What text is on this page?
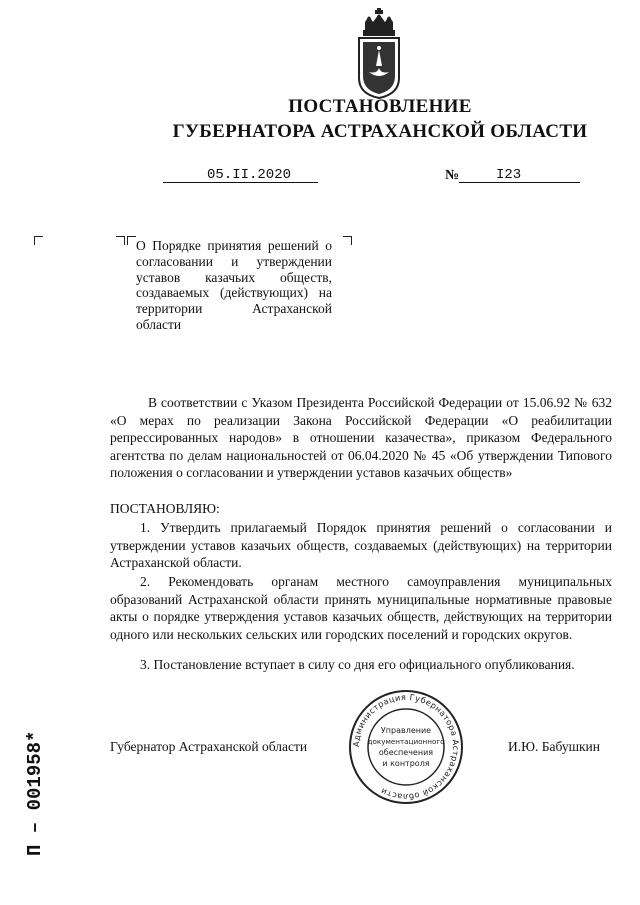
ПОСТАНОВЛЕНИЕ
ГУБЕРНАТОРА АСТРАХАНСКОЙ ОБЛАСТИ
05.II.2020	№	I23
О Порядке принятия решений о согласовании и утверждении уставов казачьих обществ, создаваемых (действующих) на территории Астраханской области
В соответствии с Указом Президента Российской Федерации от 15.06.92 № 632 «О мерах по реализации Закона Российской Федерации «О реабилитации репрессированных народов» в отношении казачества», приказом Федерального агентства по делам национальностей от 06.04.2020 № 45 «Об утверждении Типового положения о согласовании и утверждении уставов казачьих обществ»
ПОСТАНОВЛЯЮ:
1. Утвердить прилагаемый Порядок принятия решений о согласовании и утверждении уставов казачьих обществ, создаваемых (действующих) на территории Астраханской области.
2. Рекомендовать органам местного самоуправления муниципальных образований Астраханской области принять муниципальные нормативные правовые акты о порядке утверждения уставов казачьих обществ, действующих на территории одного или нескольких сельских или городских поселений и городских округов.
3. Постановление вступает в силу со дня его официального опубликования.
Губернатор Астраханской области	И.Ю. Бабушкин
Администрация Губернатора Астраханской области
Управление
документационного
обеспечения
и контроля
П – 001958*
